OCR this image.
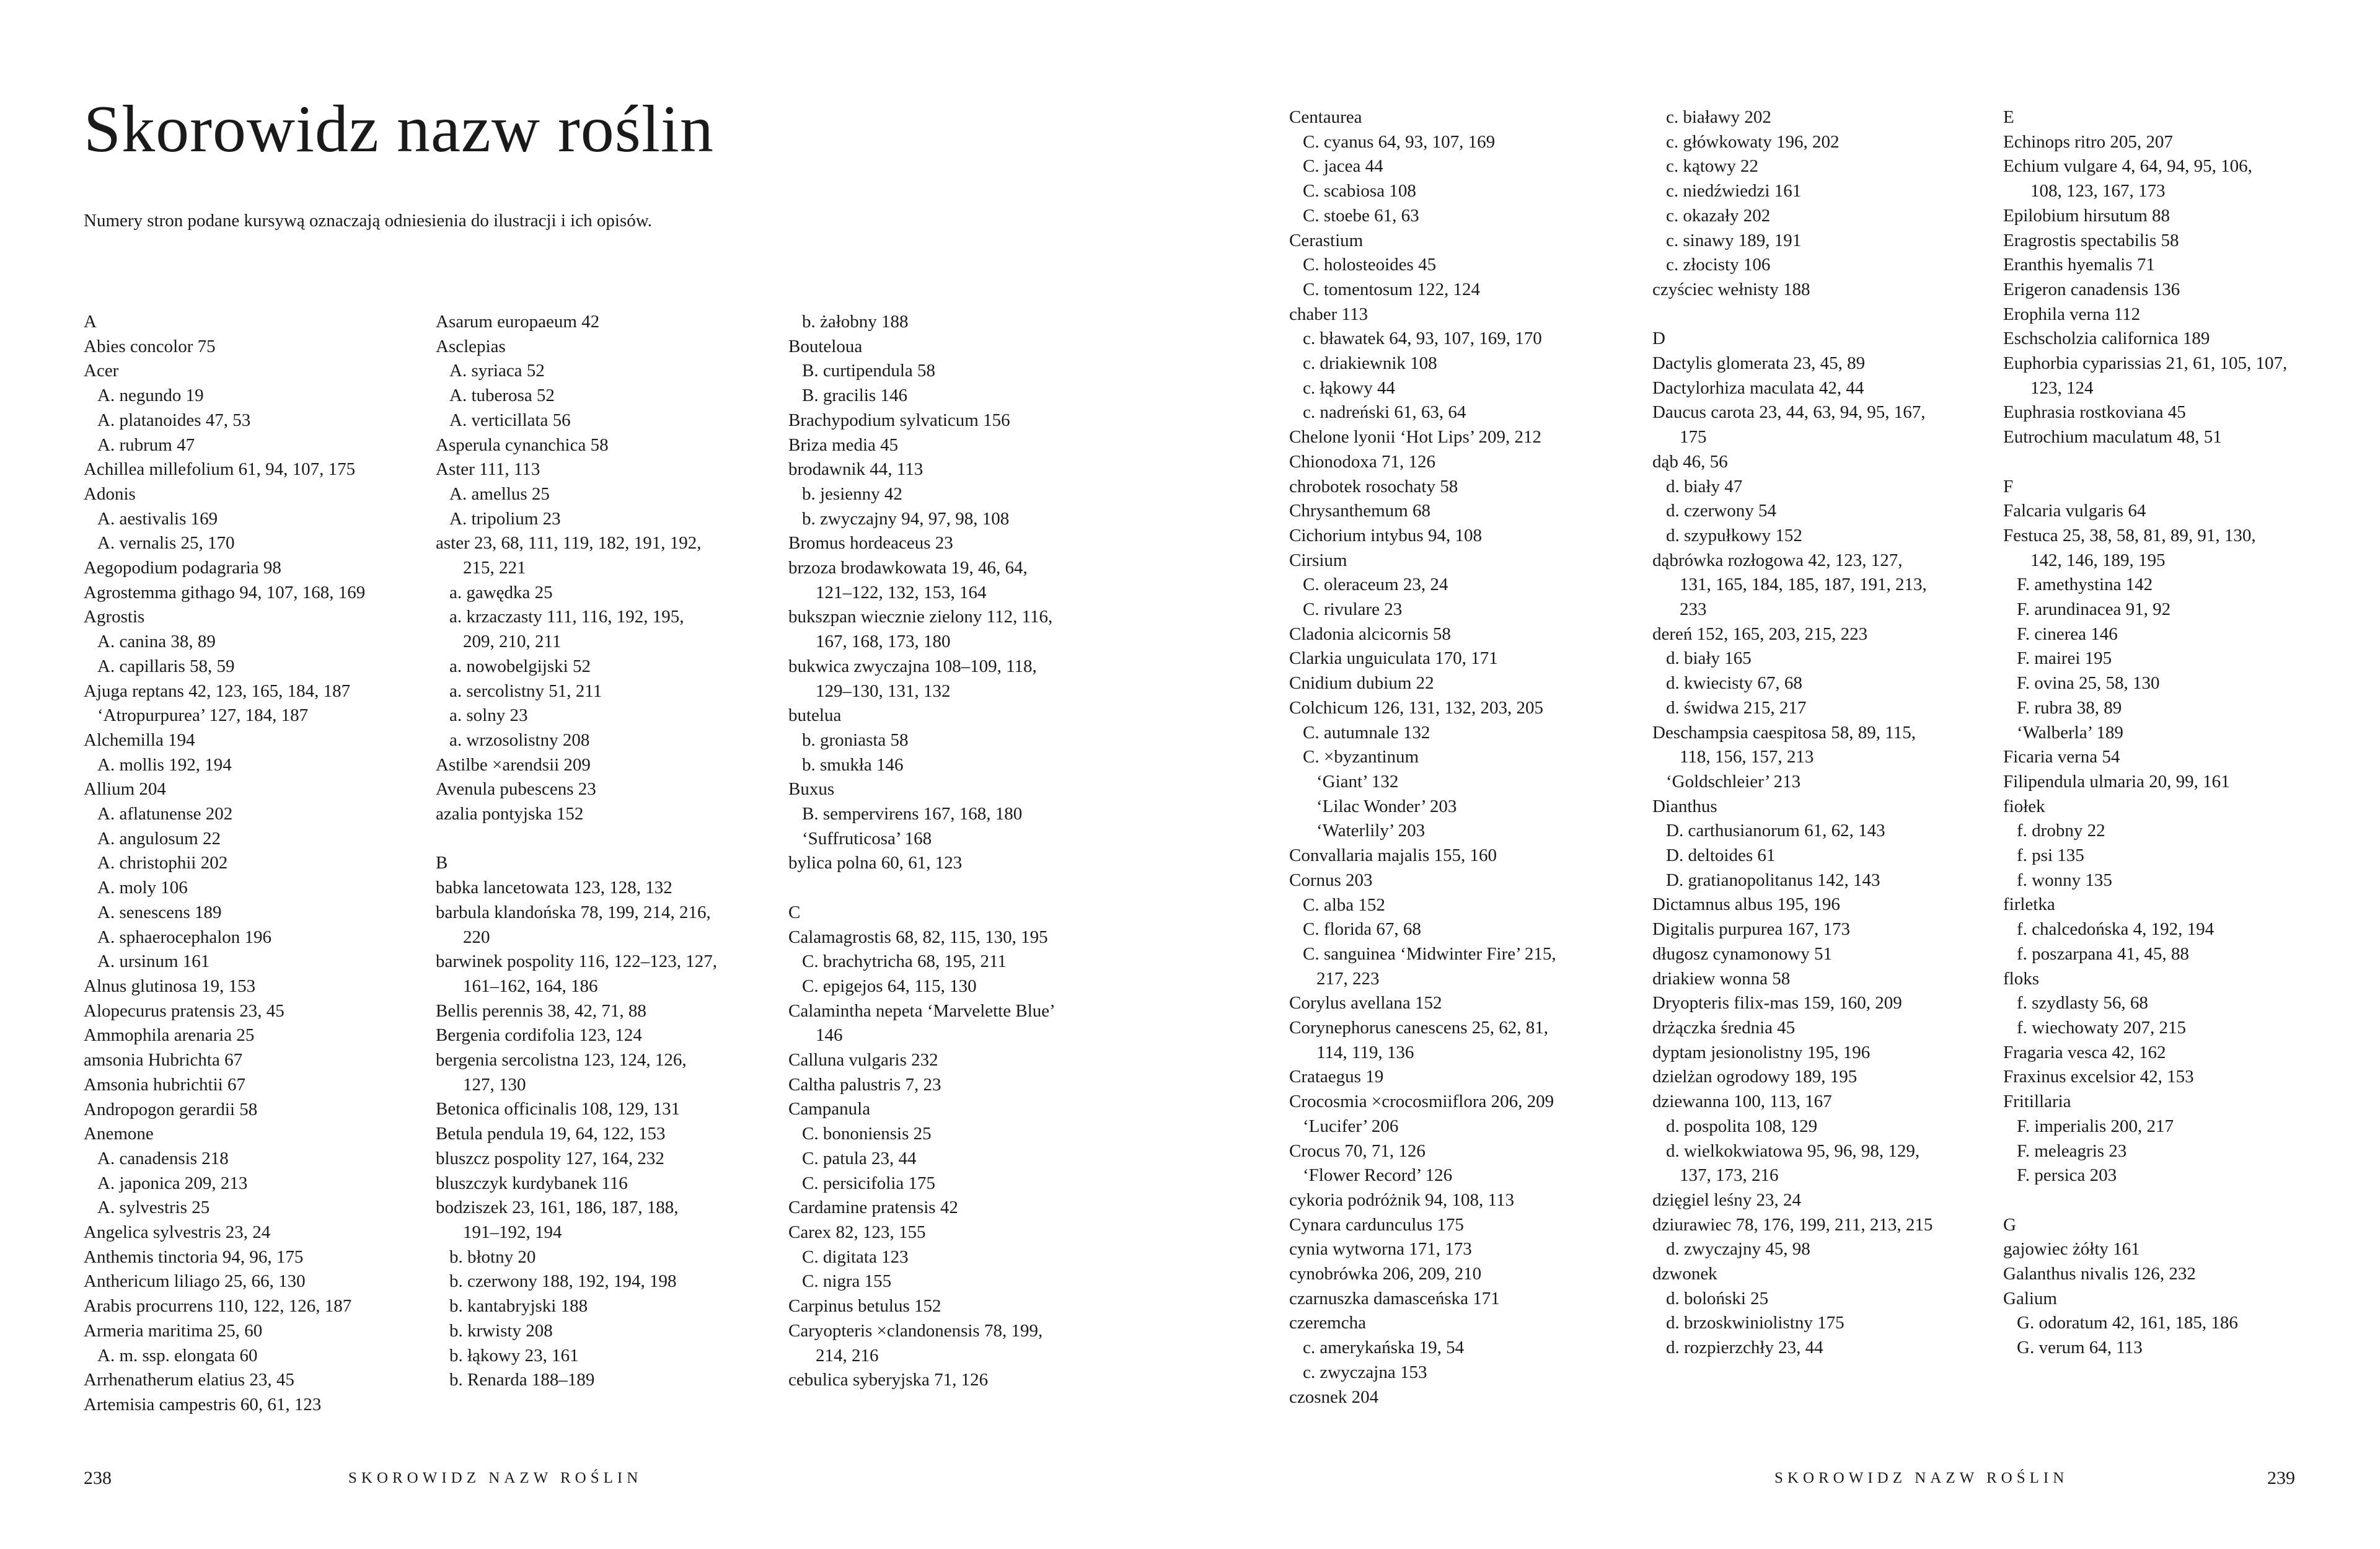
Skorowidz nazw roślin

Numery stron podane kursywą oznaczają odniesienia do ilustracji i ich opisów.

A
Abies concolor 75
Acer
A. negundo 19
A. platanoides 47, 53
A. rubrum 47
Achillea millefolium 61, 94, 107, 175
Adonis
A. aestivalis 169
A. vernalis 25, 170
Aegopodium podagraria 98
Agrostemma githago 94, 107, 168, 169
Agrostis
A. canina 38, 89
A. capillaris 58, 59
Ajuga reptans 42, 123, 165, 184, 187
‘Atropurpurea’ 127, 184, 187
Alchemilla 194
A. mollis 192, 194
Allium 204
A. aflatunense 202
A. angulosum 22
A. christophii 202
A. moly 106
A. senescens 189
A. sphaerocephalon 196
A. ursinum 161
Alnus glutinosa 19, 153
Alopecurus pratensis 23, 45
Ammophila arenaria 25
amsonia Hubrichta 67
Amsonia hubrichtii 67
Andropogon gerardii 58
Anemone
A. canadensis 218
A. japonica 209, 213
A. sylvestris 25
Angelica sylvestris 23, 24
Anthemis tinctoria 94, 96, 175
Anthericum liliago 25, 66, 130
Arabis procurrens 110, 122, 126, 187
Armeria maritima 25, 60
A. m. ssp. elongata 60
Arrhenatherum elatius 23, 45
Artemisia campestris 60, 61, 123
Asarum europaeum 42
Asclepias
A. syriaca 52
A. tuberosa 52
A. verticillata 56
Asperula cynanchica 58
Aster 111, 113
A. amellus 25
A. tripolium 23
aster 23, 68, 111, 119, 182, 191, 192,
215, 221
a. gawędka 25
a. krzaczasty 111, 116, 192, 195,
209, 210, 211
a. nowobelgijski 52
a. sercolistny 51, 211
a. solny 23
a. wrzosolistny 208
Astilbe ×arendsii 209
Avenula pubescens 23
azalia pontyjska 152
B
babka lancetowata 123, 128, 132
barbula klandońska 78, 199, 214, 216,
220
barwinek pospolity 116, 122–123, 127,
161–162, 164, 186
Bellis perennis 38, 42, 71, 88
Bergenia cordifolia 123, 124
bergenia sercolistna 123, 124, 126,
127, 130
Betonica officinalis 108, 129, 131
Betula pendula 19, 64, 122, 153
bluszcz pospolity 127, 164, 232
bluszczyk kurdybanek 116
bodziszek 23, 161, 186, 187, 188,
191–192, 194
b. błotny 20
b. czerwony 188, 192, 194, 198
b. kantabryjski 188
b. krwisty 208
b. łąkowy 23, 161
b. Renarda 188–189
b. żałobny 188
Bouteloua
B. curtipendula 58
B. gracilis 146
Brachypodium sylvaticum 156
Briza media 45
brodawnik 44, 113
b. jesienny 42
b. zwyczajny 94, 97, 98, 108
Bromus hordeaceus 23
brzoza brodawkowata 19, 46, 64,
121–122, 132, 153, 164
bukszpan wiecznie zielony 112, 116,
167, 168, 173, 180
bukwica zwyczajna 108–109, 118,
129–130, 131, 132
butelua
b. groniasta 58
b. smukła 146
Buxus
B. sempervirens 167, 168, 180
‘Suffruticosa’ 168
bylica polna 60, 61, 123
C
Calamagrostis 68, 82, 115, 130, 195
C. brachytricha 68, 195, 211
C. epigejos 64, 115, 130
Calamintha nepeta ‘Marvelette Blue’
146
Calluna vulgaris 232
Caltha palustris 7, 23
Campanula
C. bononiensis 25
C. patula 23, 44
C. persicifolia 175
Cardamine pratensis 42
Carex 82, 123, 155
C. digitata 123
C. nigra 155
Carpinus betulus 152
Caryopteris ×clandonensis 78, 199,
214, 216
cebulica syberyjska 71, 126
238	SKOROWIDZ NAZW ROŚLIN
Centaurea
C. cyanus 64, 93, 107, 169
C. jacea 44
C. scabiosa 108
C. stoebe 61, 63
Cerastium
C. holosteoides 45
C. tomentosum 122, 124
chaber 113
c. bławatek 64, 93, 107, 169, 170
c. driakiewnik 108
c. łąkowy 44
c. nadreński 61, 63, 64
Chelone lyonii ‘Hot Lips’ 209, 212
Chionodoxa 71, 126
chrobotek rosochaty 58
Chrysanthemum 68
Cichorium intybus 94, 108
Cirsium
C. oleraceum 23, 24
C. rivulare 23
Cladonia alcicornis 58
Clarkia unguiculata 170, 171
Cnidium dubium 22
Colchicum 126, 131, 132, 203, 205
C. autumnale 132
C. ×byzantinum
‘Giant’ 132
‘Lilac Wonder’ 203
‘Waterlily’ 203
Convallaria majalis 155, 160
Cornus 203
C. alba 152
C. florida 67, 68
C. sanguinea ‘Midwinter Fire’ 215,
217, 223
Corylus avellana 152
Corynephorus canescens 25, 62, 81,
114, 119, 136
Crataegus 19
Crocosmia ×crocosmiiflora 206, 209
‘Lucifer’ 206
Crocus 70, 71, 126
‘Flower Record’ 126
cykoria podróżnik 94, 108, 113
Cynara cardunculus 175
cynia wytworna 171, 173
cynobrówka 206, 209, 210
czarnuszka damasceńska 171
czeremcha
c. amerykańska 19, 54
c. zwyczajna 153
czosnek 204
c. białawy 202
c. główkowaty 196, 202
c. kątowy 22
c. niedźwiedzi 161
c. okazały 202
c. sinawy 189, 191
c. złocisty 106
czyściec wełnisty 188
D
Dactylis glomerata 23, 45, 89
Dactylorhiza maculata 42, 44
Daucus carota 23, 44, 63, 94, 95, 167,
175
dąb 46, 56
d. biały 47
d. czerwony 54
d. szypułkowy 152
dąbrówka rozłogowa 42, 123, 127,
131, 165, 184, 185, 187, 191, 213,
233
dereń 152, 165, 203, 215, 223
d. biały 165
d. kwiecisty 67, 68
d. świdwa 215, 217
Deschampsia caespitosa 58, 89, 115,
118, 156, 157, 213
‘Goldschleier’ 213
Dianthus
D. carthusianorum 61, 62, 143
D. deltoides 61
D. gratianopolitanus 142, 143
Dictamnus albus 195, 196
Digitalis purpurea 167, 173
długosz cynamonowy 51
driakiew wonna 58
Dryopteris filix-mas 159, 160, 209
drżączka średnia 45
dyptam jesionolistny 195, 196
dzielżan ogrodowy 189, 195
dziewanna 100, 113, 167
d. pospolita 108, 129
d. wielkokwiatowa 95, 96, 98, 129,
137, 173, 216
dzięgiel leśny 23, 24
dziurawiec 78, 176, 199, 211, 213, 215
d. zwyczajny 45, 98
dzwonek
d. boloński 25
d. brzoskwiniolistny 175
d. rozpierzchły 23, 44
E
Echinops ritro 205, 207
Echium vulgare 4, 64, 94, 95, 106,
108, 123, 167, 173
Epilobium hirsutum 88
Eragrostis spectabilis 58
Eranthis hyemalis 71
Erigeron canadensis 136
Erophila verna 112
Eschscholzia californica 189
Euphorbia cyparissias 21, 61, 105, 107,
123, 124
Euphrasia rostkoviana 45
Eutrochium maculatum 48, 51
F
Falcaria vulgaris 64
Festuca 25, 38, 58, 81, 89, 91, 130,
142, 146, 189, 195
F. amethystina 142
F. arundinacea 91, 92
F. cinerea 146
F. mairei 195
F. ovina 25, 58, 130
F. rubra 38, 89
‘Walberla’ 189
Ficaria verna 54
Filipendula ulmaria 20, 99, 161
fiołek
f. drobny 22
f. psi 135
f. wonny 135
firletka
f. chalcedońska 4, 192, 194
f. poszarpana 41, 45, 88
floks
f. szydlasty 56, 68
f. wiechowaty 207, 215
Fragaria vesca 42, 162
Fraxinus excelsior 42, 153
Fritillaria
F. imperialis 200, 217
F. meleagris 23
F. persica 203
G
gajowiec żółty 161
Galanthus nivalis 126, 232
Galium
G. odoratum 42, 161, 185, 186
G. verum 64, 113
SKOROWIDZ NAZW ROŚLIN	239
